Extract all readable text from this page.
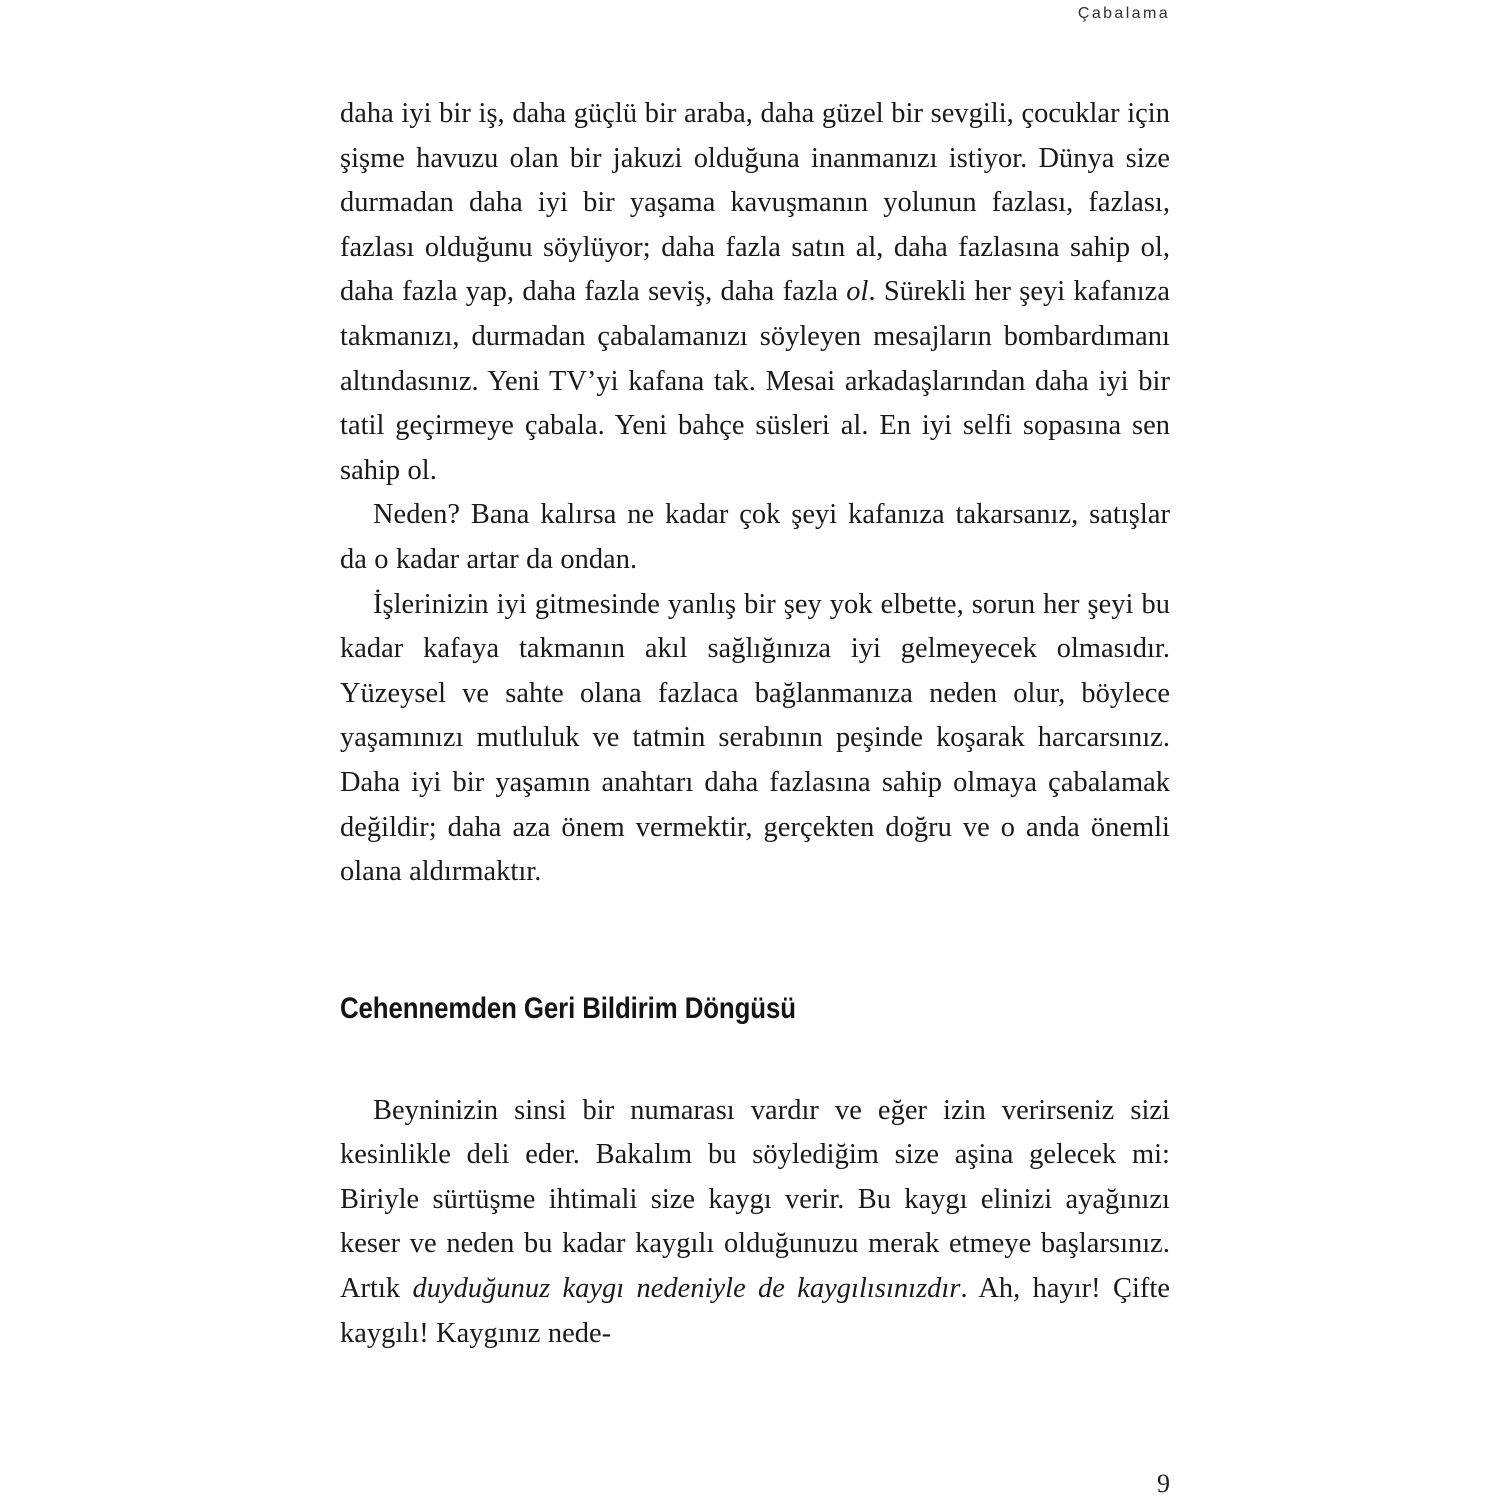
Çabalama

daha iyi bir iş, daha güçlü bir araba, daha güzel bir sevgili, çocuklar için şişme havuzu olan bir jakuzi olduğuna inanmanızı istiyor. Dünya size durmadan daha iyi bir yaşama kavuşmanın yolunun fazlası, fazlası, fazlası olduğunu söylüyor; daha fazla satın al, daha fazlasına sahip ol, daha fazla yap, daha fazla seviş, daha fazla ol. Sürekli her şeyi kafanıza takmanızı, durmadan çabalamanızı söyleyen mesajların bombardımanı altındasınız. Yeni TV’yi kafana tak. Mesai arkadaşlarından daha iyi bir tatil geçirmeye çabala. Yeni bahçe süsleri al. En iyi selfi sopasına sen sahip ol.

Neden? Bana kalırsa ne kadar çok şeyi kafanıza takarsanız, satışlar da o kadar artar da ondan.

İşlerinizin iyi gitmesinde yanlış bir şey yok elbette, sorun her şeyi bu kadar kafaya takmanın akıl sağlığınıza iyi gelmeyecek olmasıdır. Yüzeysel ve sahte olana fazlaca bağlanmanıza neden olur, böylece yaşamınızı mutluluk ve tatmin serabının peşinde koşarak harcarsınız. Daha iyi bir yaşamın anahtarı daha fazlasına sahip olmaya çabalamak değildir; daha aza önem vermektir, gerçekten doğru ve o anda önemli olana aldırmaktır.

Cehennemden Geri Bildirim Döngüsü

Beyninizin sinsi bir numarası vardır ve eğer izin verirseniz sizi kesinlikle deli eder. Bakalım bu söylediğim size aşina gelecek mi: Biriyle sürtüşme ihtimali size kaygı verir. Bu kaygı elinizi ayağınızı keser ve neden bu kadar kaygılı olduğunuzu merak etmeye başlarsınız. Artık duyduğunuz kaygı nedeniyle de kaygılısınızdır. Ah, hayır! Çifte kaygılı! Kaygınız nede-

9
